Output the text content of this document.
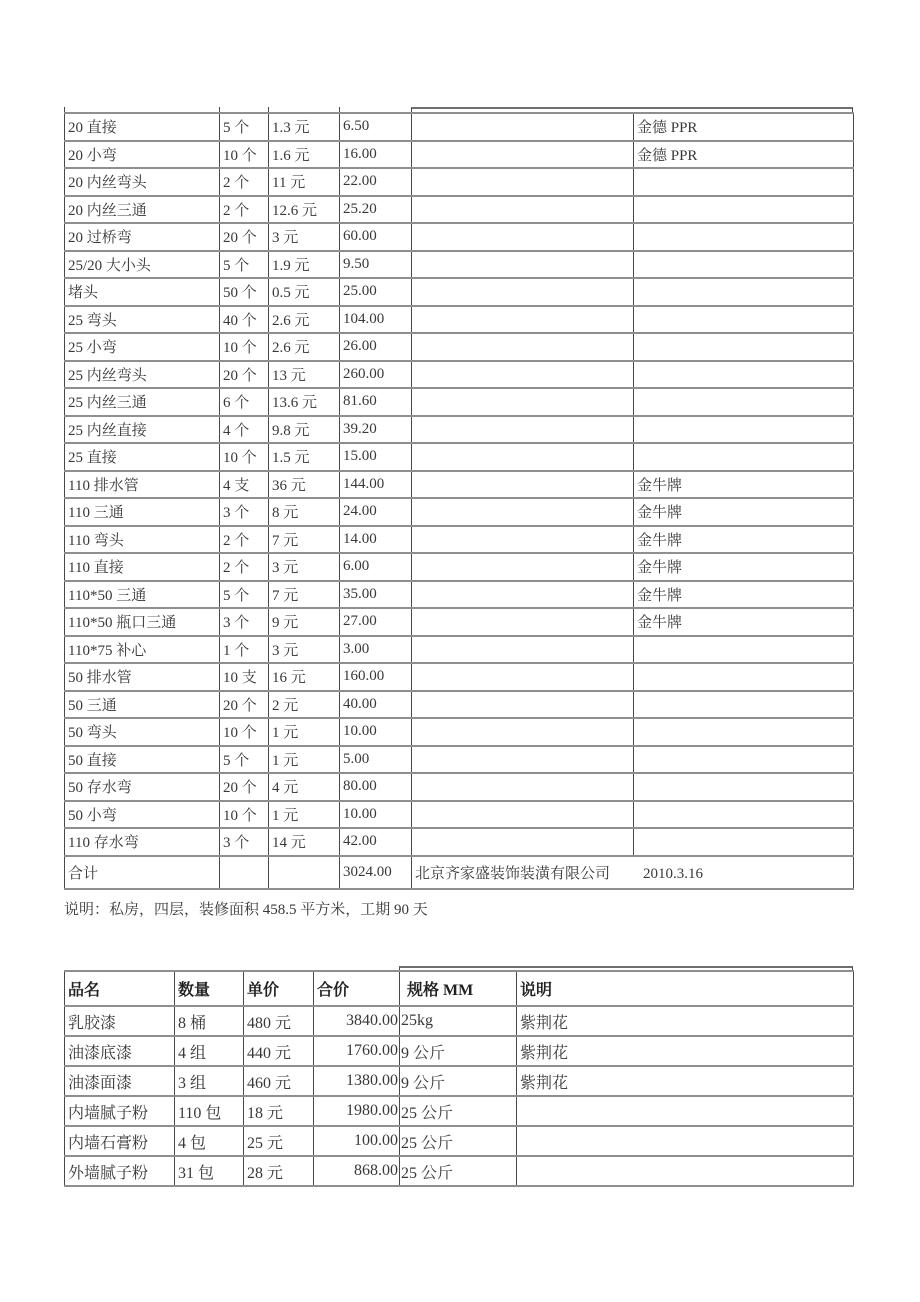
20 直接	5 个	1.3 元	6.50		金德 PPR
20 小弯	10 个	1.6 元	16.00		金德 PPR
20 内丝弯头	2 个	11 元	22.00		
20 内丝三通	2 个	12.6 元	25.20		
20 过桥弯	20 个	3 元	60.00		
25/20 大小头	5 个	1.9 元	9.50		
堵头	50 个	0.5 元	25.00		
25 弯头	40 个	2.6 元	104.00		
25 小弯	10 个	2.6 元	26.00		
25 内丝弯头	20 个	13 元	260.00		
25 内丝三通	6 个	13.6 元	81.60		
25 内丝直接	4 个	9.8 元	39.20		
25 直接	10 个	1.5 元	15.00		
110 排水管	4 支	36 元	144.00		金牛牌
110 三通	3 个	8 元	24.00		金牛牌
110 弯头	2 个	7 元	14.00		金牛牌
110 直接	2 个	3 元	6.00		金牛牌
110*50 三通	5 个	7 元	35.00		金牛牌
110*50 瓶口三通	3 个	9 元	27.00		金牛牌
110*75 补心	1 个	3 元	3.00		
50 排水管	10 支	16 元	160.00		
50 三通	20 个	2 元	40.00		
50 弯头	10 个	1 元	10.00		
50 直接	5 个	1 元	5.00		
50 存水弯	20 个	4 元	80.00		
50 小弯	10 个	1 元	10.00		
110 存水弯	3 个	14 元	42.00		
合计			3024.00	北京齐家盛装饰装潢有限公司 2010.3.16	
说明：私房，四层，装修面积 458.5 平方米，工期 90 天
品名	数量	单价	合价	规格 MM	说明
乳胶漆	8 桶	480 元	3840.00	25kg	紫荆花
油漆底漆	4 组	440 元	1760.00	9 公斤	紫荆花
油漆面漆	3 组	460 元	1380.00	9 公斤	紫荆花
内墙腻子粉	110 包	18 元	1980.00	25 公斤	
内墙石膏粉	4 包	25 元	100.00	25 公斤	
外墙腻子粉	31 包	28 元	868.00	25 公斤	
